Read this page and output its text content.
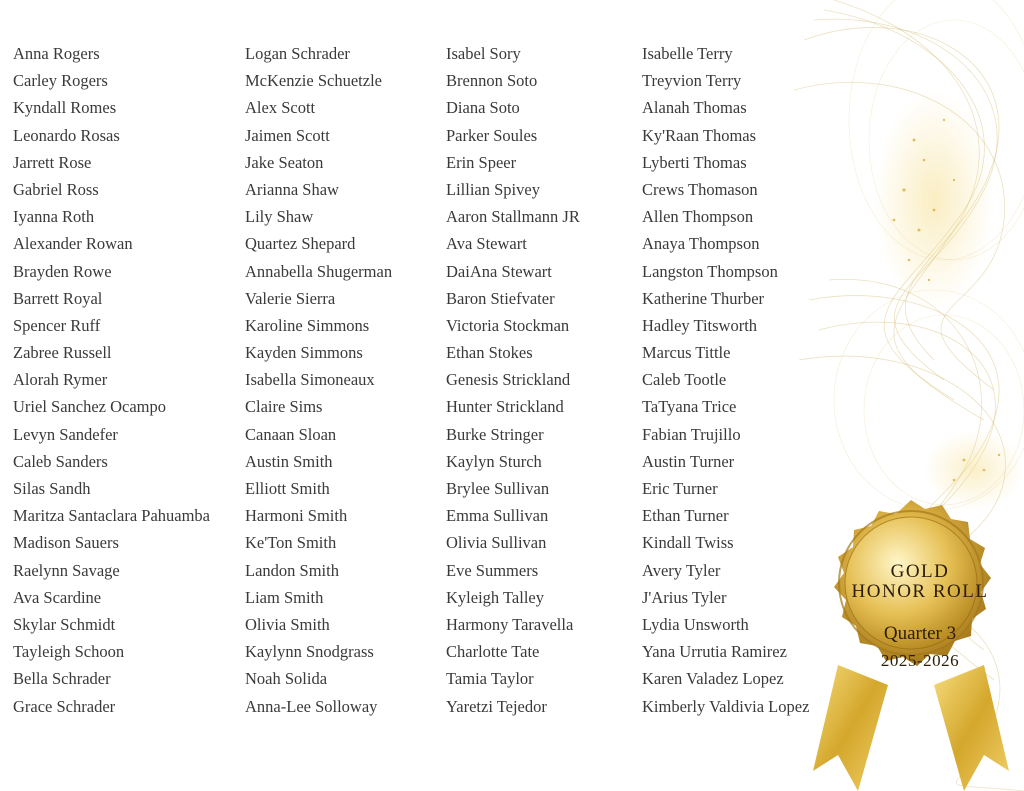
Anna Rogers
Carley Rogers
Kyndall Romes
Leonardo Rosas
Jarrett Rose
Gabriel Ross
Iyanna Roth
Alexander Rowan
Brayden Rowe
Barrett Royal
Spencer Ruff
Zabree Russell
Alorah Rymer
Uriel Sanchez Ocampo
Levyn Sandefer
Caleb Sanders
Silas Sandh
Maritza Santaclara Pahuamba
Madison Sauers
Raelynn Savage
Ava Scardine
Skylar Schmidt
Tayleigh Schoon
Bella Schrader
Grace Schrader
Logan Schrader
McKenzie Schuetzle
Alex Scott
Jaimen Scott
Jake Seaton
Arianna Shaw
Lily Shaw
Quartez Shepard
Annabella Shugerman
Valerie Sierra
Karoline Simmons
Kayden Simmons
Isabella Simoneaux
Claire Sims
Canaan Sloan
Austin Smith
Elliott Smith
Harmoni Smith
Ke'Ton Smith
Landon Smith
Liam Smith
Olivia Smith
Kaylynn Snodgrass
Noah Solida
Anna-Lee Solloway
Isabel Sory
Brennon Soto
Diana Soto
Parker Soules
Erin Speer
Lillian Spivey
Aaron Stallmann JR
Ava Stewart
DaiAna Stewart
Baron Stiefvater
Victoria Stockman
Ethan Stokes
Genesis Strickland
Hunter Strickland
Burke Stringer
Kaylyn Sturch
Brylee Sullivan
Emma Sullivan
Olivia Sullivan
Eve Summers
Kyleigh Talley
Harmony Taravella
Charlotte Tate
Tamia Taylor
Yaretzi Tejedor
Isabelle Terry
Treyvion Terry
Alanah Thomas
Ky'Raan Thomas
Lyberti Thomas
Crews Thomason
Allen Thompson
Anaya Thompson
Langston Thompson
Katherine Thurber
Hadley Titsworth
Marcus Tittle
Caleb Tootle
TaTyana Trice
Fabian Trujillo
Austin Turner
Eric Turner
Ethan Turner
Kindall Twiss
Avery Tyler
J'Arius Tyler
Lydia Unsworth
Yana Urrutia Ramirez
Karen Valadez Lopez
Kimberly Valdivia Lopez
GOLD
HONOR ROLL
Quarter 3
2025-2026
